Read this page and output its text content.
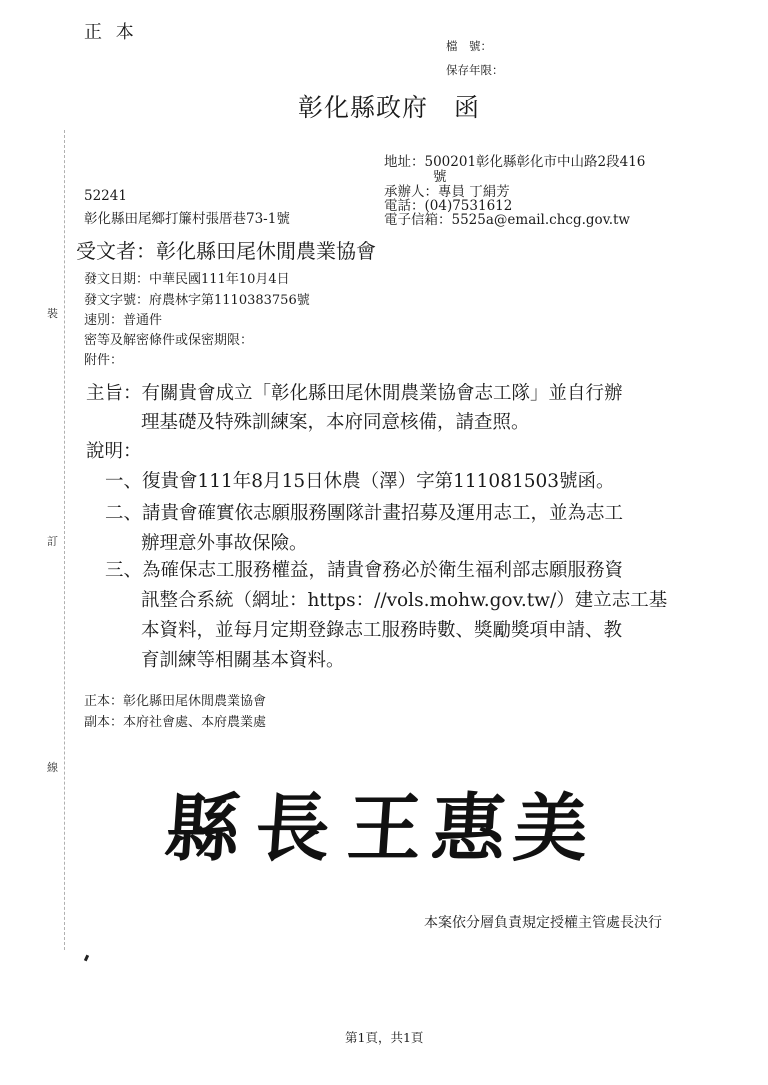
正 本
檔　號：
保存年限：
彰化縣政府　函
地址：500201彰化縣彰化市中山路2段416
號
承辦人：專員 丁絹芳
電話：(04)7531612
電子信箱：5525a@email.chcg.gov.tw
52241
彰化縣田尾鄉打簾村張厝巷73-1號
受文者：彰化縣田尾休閒農業協會
發文日期：中華民國111年10月4日
發文字號：府農林字第1110383756號
速別：普通件
密等及解密條件或保密期限：
附件：
主旨：有關貴會成立「彰化縣田尾休閒農業協會志工隊」並自行辦
理基礎及特殊訓練案，本府同意核備，請查照。
說明：
一、復貴會111年8月15日休農（澤）字第111081503號函。
二、請貴會確實依志願服務團隊計畫招募及運用志工，並為志工
辦理意外事故保險。
三、為確保志工服務權益，請貴會務必於衛生福利部志願服務資
訊整合系統（網址：https：//vols.mohw.gov.tw/）建立志工基
本資料，並每月定期登錄志工服務時數、獎勵獎項申請、教
育訓練等相關基本資料。
正本：彰化縣田尾休閒農業協會
副本：本府社會處、本府農業處
裝
訂
線
縣 長 王 惠 美
本案依分層負責規定授權主管處長決行
第1頁，共1頁
